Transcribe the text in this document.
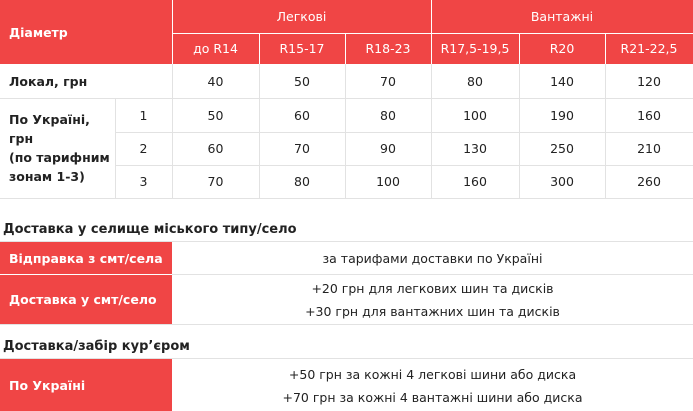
Діаметр
Легкові	Вантажні
до R14	R15-17	R18-23	R17,5-19,5	R20	R21-22,5
Локал, грн	40	50	70	80	140	120
По Україні, грн
(по тарифним
зонам 1-3)
1	50	60	80	100	190	160
2	60	70	90	130	250	210
3	70	80	100	160	300	260
Доставка у селище міського типу/село
Відправка з смт/села	за тарифами доставки по Україні
Доставка у смт/село
+20 грн для легкових шин та дисків
+30 грн для вантажних шин та дисків
Доставка/забір кур’єром
По Україні
+50 грн за кожні 4 легкові шини або диска
+70 грн за кожні 4 вантажні шини або диска
